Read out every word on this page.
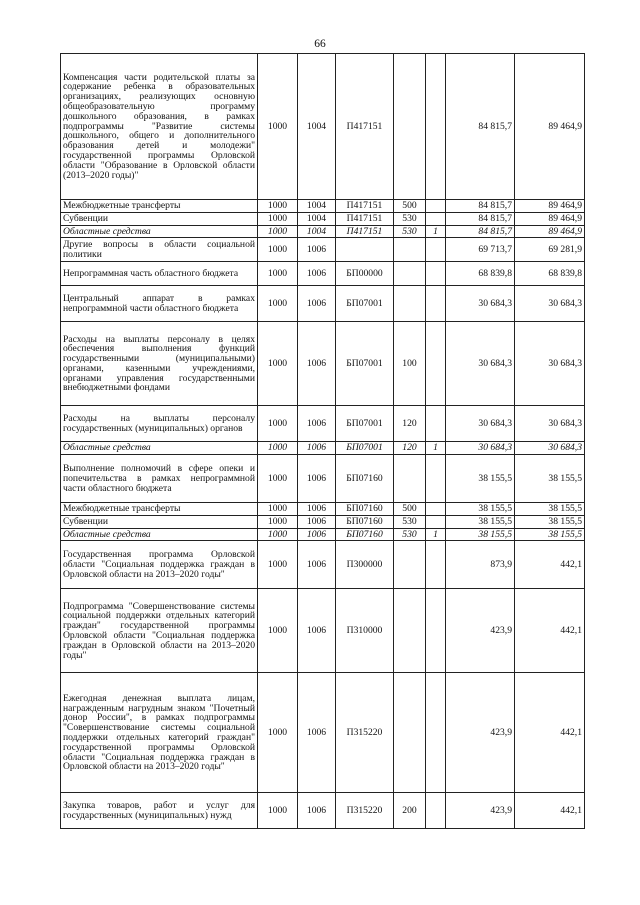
66
Компенсация части родительской платы за содержание ребенка в образовательных организациях, реализующих основную общеобразовательную программу дошкольного образования, в рамках подпрограммы "Развитие системы дошкольного, общего и дополнительного образования детей и молодежи" государственной программы Орловской области "Образование в Орловской области (2013–2020 годы)"	1000	1004	П417151			84 815,7	89 464,9
Межбюджетные трансферты	1000	1004	П417151	500		84 815,7	89 464,9
Субвенции	1000	1004	П417151	530		84 815,7	89 464,9
Областные средства	1000	1004	П417151	530	1	84 815,7	89 464,9
Другие вопросы в области социальной политики	1000	1006				69 713,7	69 281,9
Непрограммная часть областного бюджета	1000	1006	БП00000			68 839,8	68 839,8
Центральный аппарат в рамках непрограммной части областного бюджета	1000	1006	БП07001			30 684,3	30 684,3
Расходы на выплаты персоналу в целях обеспечения выполнения функций государственными (муниципальными) органами, казенными учреждениями, органами управления государственными внебюджетными фондами	1000	1006	БП07001	100		30 684,3	30 684,3
Расходы на выплаты персоналу государственных (муниципальных) органов	1000	1006	БП07001	120		30 684,3	30 684,3
Областные средства	1000	1006	БП07001	120	1	30 684,3	30 684,3
Выполнение полномочий в сфере опеки и попечительства в рамках непрограммной части областного бюджета	1000	1006	БП07160			38 155,5	38 155,5
Межбюджетные трансферты	1000	1006	БП07160	500		38 155,5	38 155,5
Субвенции	1000	1006	БП07160	530		38 155,5	38 155,5
Областные средства	1000	1006	БП07160	530	1	38 155,5	38 155,5
Государственная программа Орловской области "Социальная поддержка граждан в Орловской области на 2013–2020 годы"	1000	1006	П300000			873,9	442,1
Подпрограмма "Совершенствование системы социальной поддержки отдельных категорий граждан" государственной программы Орловской области "Социальная поддержка граждан в Орловской области на 2013–2020 годы"	1000	1006	П310000			423,9	442,1
Ежегодная денежная выплата лицам, награжденным нагрудным знаком "Почетный донор России", в рамках подпрограммы "Совершенствование системы социальной поддержки отдельных категорий граждан" государственной программы Орловской области "Социальная поддержка граждан в Орловской области на 2013–2020 годы"	1000	1006	П315220			423,9	442,1
Закупка товаров, работ и услуг для государственных (муниципальных) нужд	1000	1006	П315220	200		423,9	442,1
